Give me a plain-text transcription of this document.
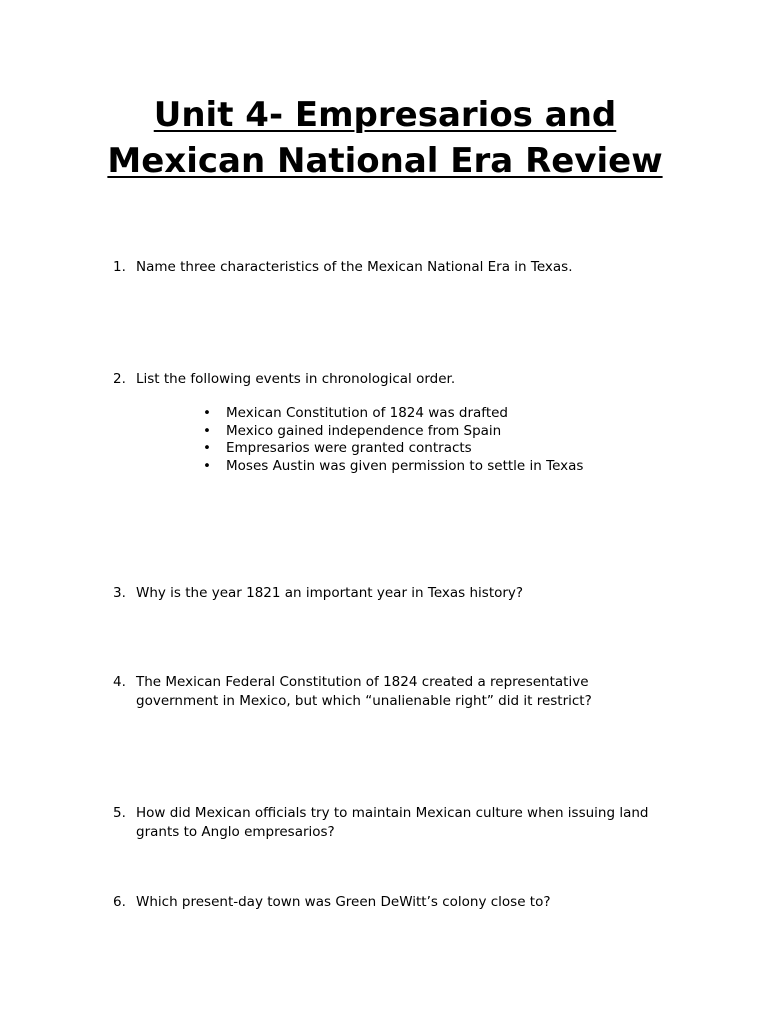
Unit 4- Empresarios and
Mexican National Era Review
1. Name three characteristics of the Mexican National Era in Texas.
2. List the following events in chronological order.
• Mexican Constitution of 1824 was drafted
• Mexico gained independence from Spain
• Empresarios were granted contracts
• Moses Austin was given permission to settle in Texas
3. Why is the year 1821 an important year in Texas history?
4. The Mexican Federal Constitution of 1824 created a representative government in Mexico, but which “unalienable right” did it restrict?
5. How did Mexican officials try to maintain Mexican culture when issuing land grants to Anglo empresarios?
6. Which present-day town was Green DeWitt’s colony close to?
